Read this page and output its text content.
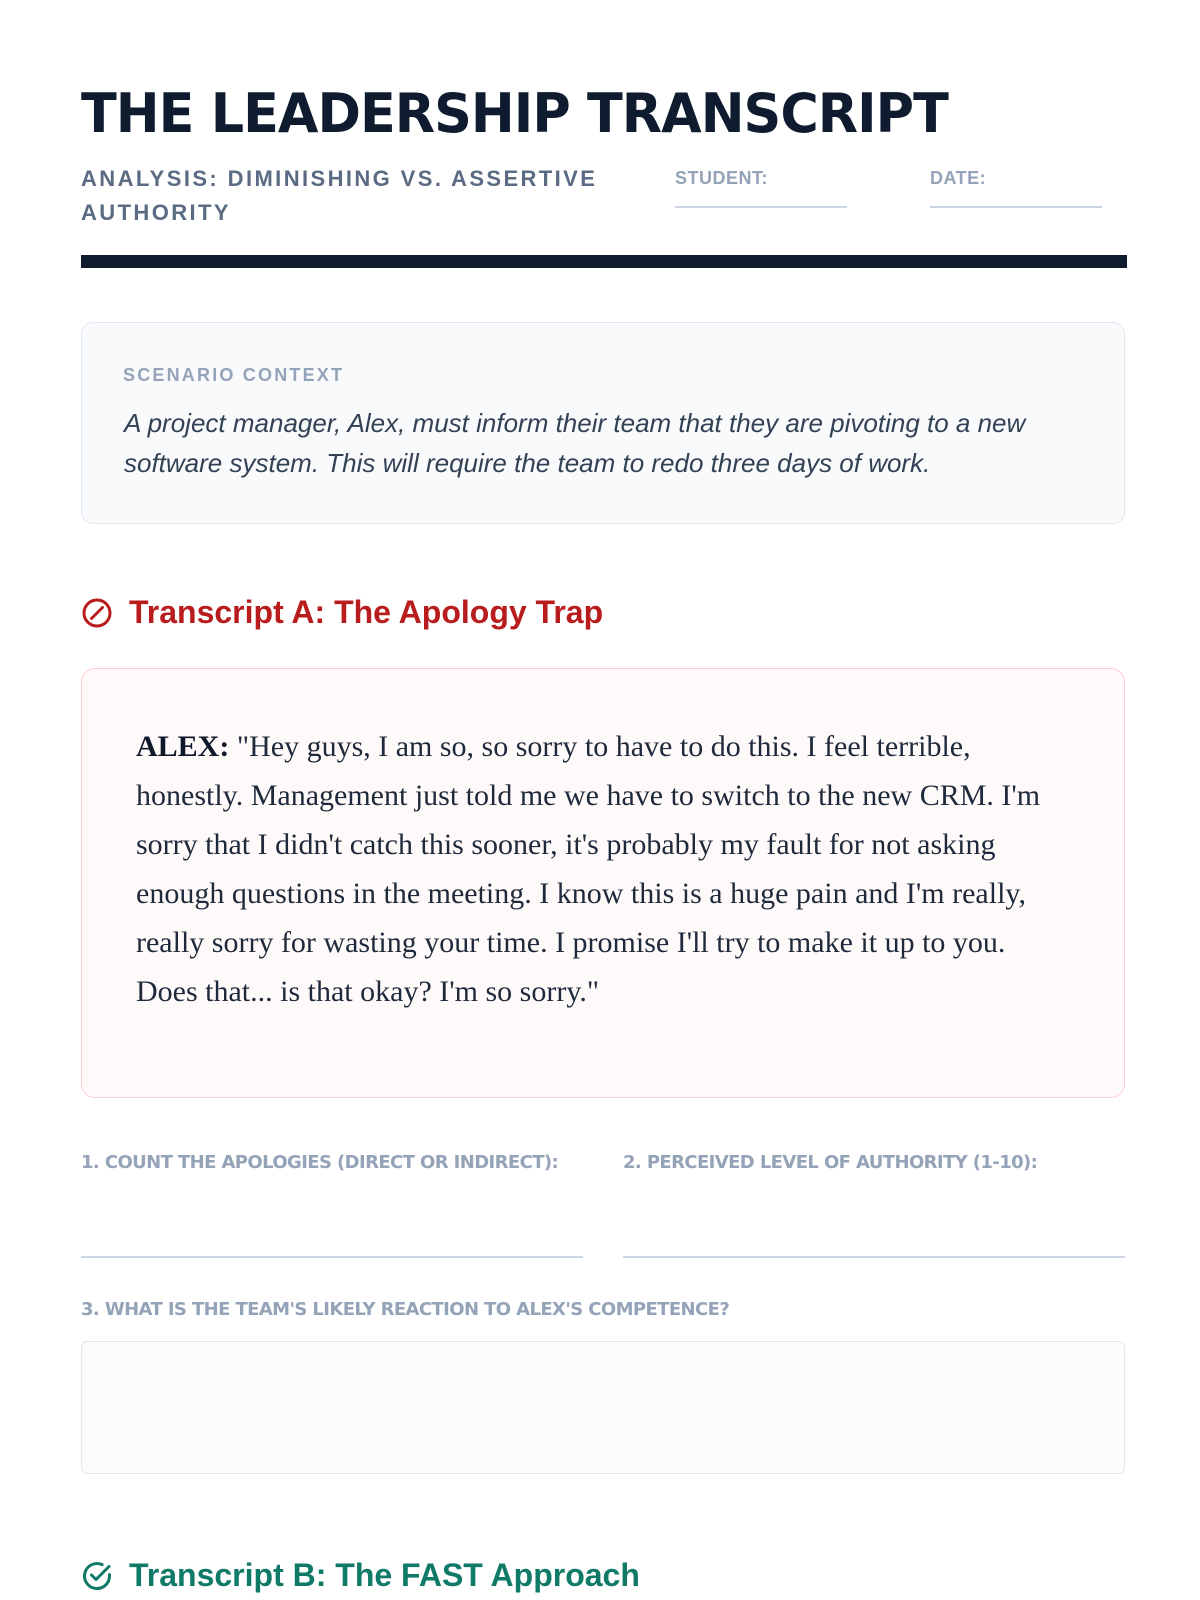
THE LEADERSHIP TRANSCRIPT
ANALYSIS: DIMINISHING VS. ASSERTIVE AUTHORITY
STUDENT:	DATE:
SCENARIO CONTEXT
A project manager, Alex, must inform their team that they are pivoting to a new software system. This will require the team to redo three days of work.
Transcript A: The Apology Trap
ALEX: "Hey guys, I am so, so sorry to have to do this. I feel terrible, honestly. Management just told me we have to switch to the new CRM. I'm sorry that I didn't catch this sooner, it's probably my fault for not asking enough questions in the meeting. I know this is a huge pain and I'm really, really sorry for wasting your time. I promise I'll try to make it up to you. Does that... is that okay? I'm so sorry."
1. COUNT THE APOLOGIES (DIRECT OR INDIRECT):	2. PERCEIVED LEVEL OF AUTHORITY (1-10):
3. WHAT IS THE TEAM'S LIKELY REACTION TO ALEX'S COMPETENCE?
Transcript B: The FAST Approach
